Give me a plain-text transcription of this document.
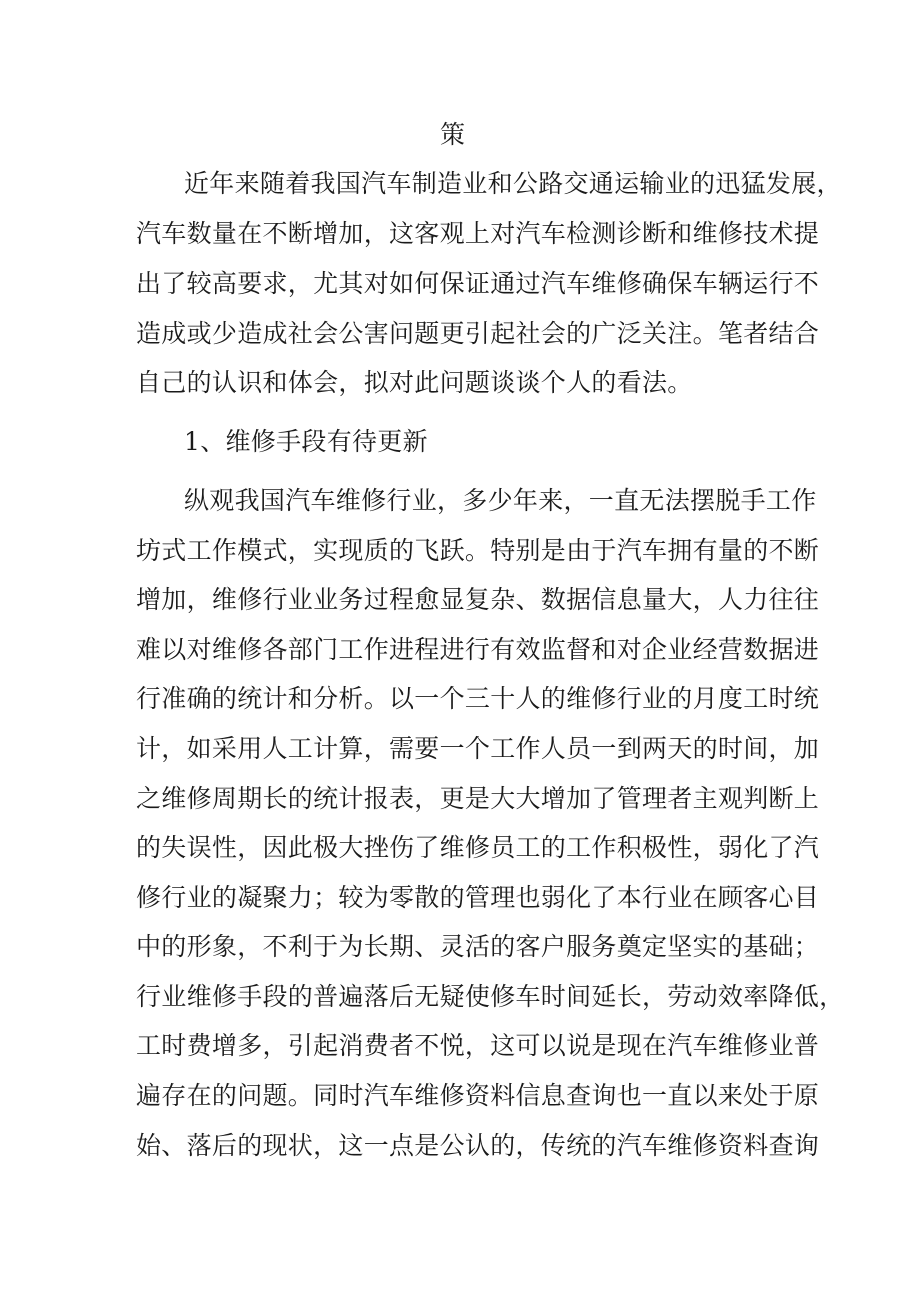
策
近年来随着我国汽车制造业和公路交通运输业的迅猛发展，
汽车数量在不断增加，这客观上对汽车检测诊断和维修技术提
出了较高要求，尤其对如何保证通过汽车维修确保车辆运行不
造成或少造成社会公害问题更引起社会的广泛关注。笔者结合
自己的认识和体会，拟对此问题谈谈个人的看法。
1、维修手段有待更新
纵观我国汽车维修行业，多少年来，一直无法摆脱手工作
坊式工作模式，实现质的飞跃。特别是由于汽车拥有量的不断
增加，维修行业业务过程愈显复杂、数据信息量大，人力往往
难以对维修各部门工作进程进行有效监督和对企业经营数据进
行准确的统计和分析。以一个三十人的维修行业的月度工时统
计，如采用人工计算，需要一个工作人员一到两天的时间，加
之维修周期长的统计报表，更是大大增加了管理者主观判断上
的失误性，因此极大挫伤了维修员工的工作积极性，弱化了汽
修行业的凝聚力；较为零散的管理也弱化了本行业在顾客心目
中的形象，不利于为长期、灵活的客户服务奠定坚实的基础；
行业维修手段的普遍落后无疑使修车时间延长，劳动效率降低，
工时费增多，引起消费者不悦，这可以说是现在汽车维修业普
遍存在的问题。同时汽车维修资料信息查询也一直以来处于原
始、落后的现状，这一点是公认的，传统的汽车维修资料查询
